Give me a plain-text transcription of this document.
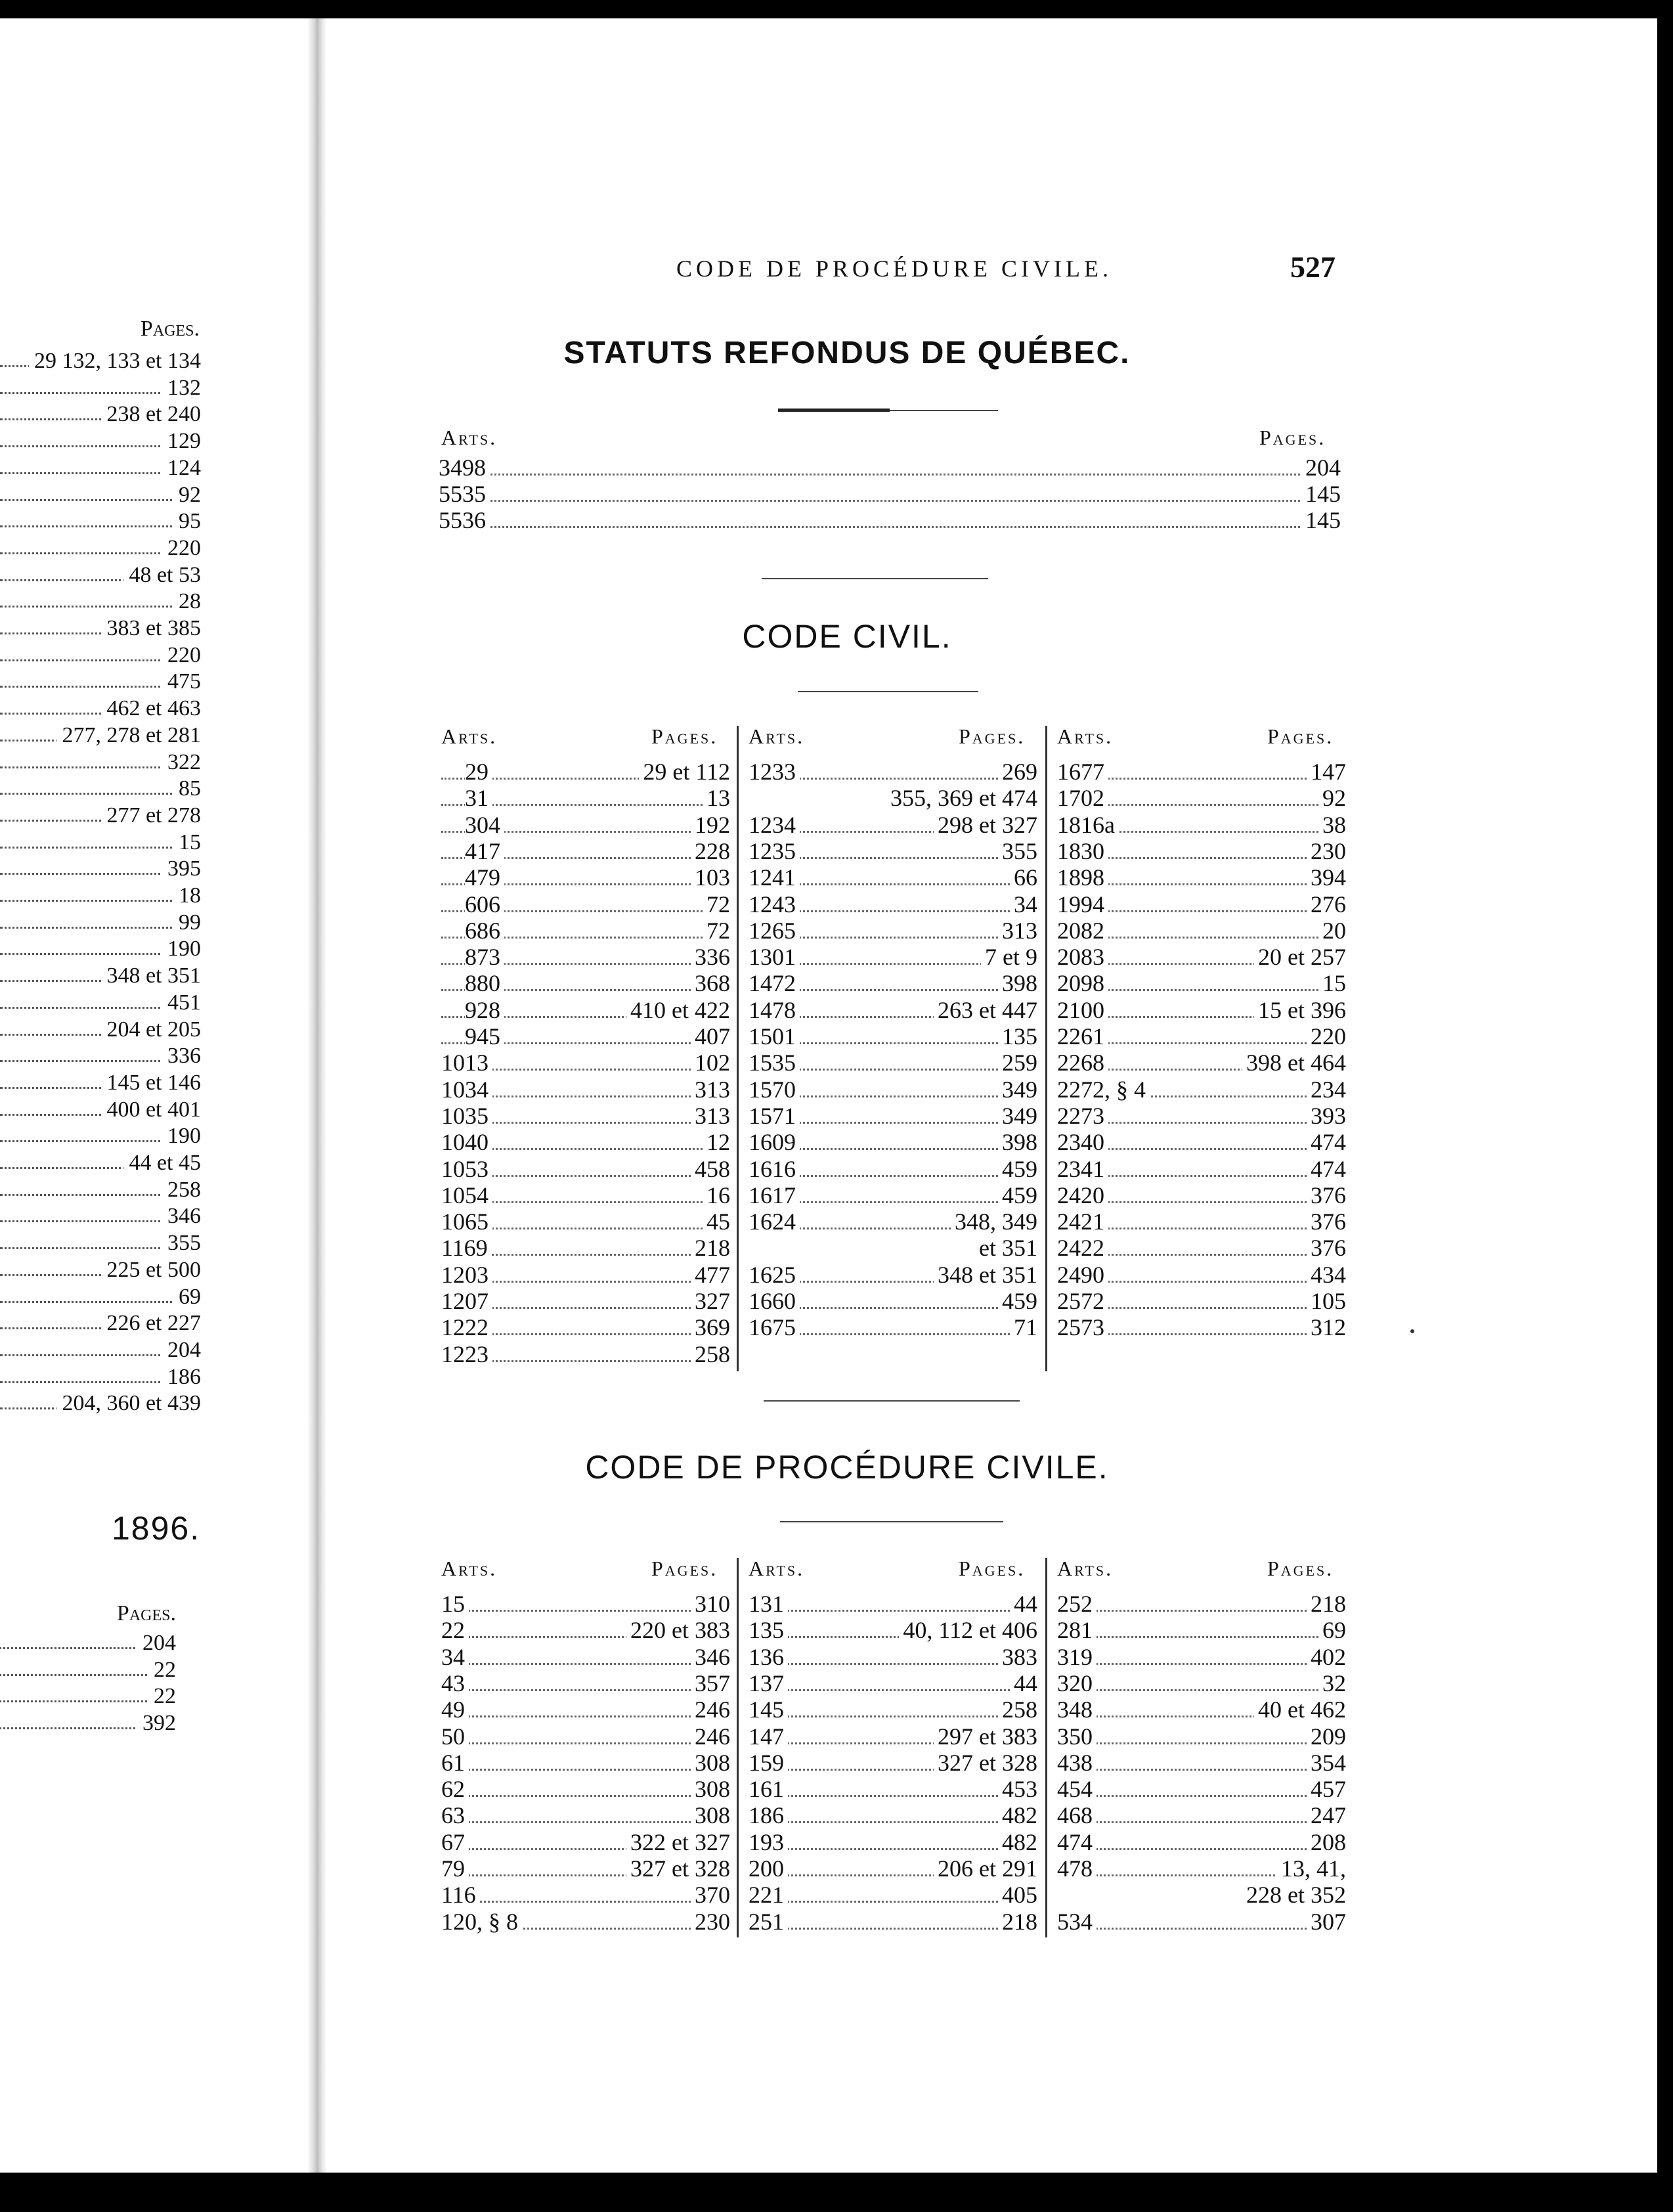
Pages.
29 132, 133 et 134
132
238 et 240
129
124
92
95
220
48 et 53
28
383 et 385
220
475
462 et 463
277, 278 et 281
322
85
277 et 278
15
395
18
99
190
348 et 351
451
204 et 205
336
145 et 146
400 et 401
190
44 et 45
258
346
355
225 et 500
69
226 et 227
204
186
204, 360 et 439
1896.
Pages.
204
22
22
392
CODE DE PROCÉDURE CIVILE.	527
STATUTS REFONDUS DE QUÉBEC.
Arts.	Pages.
3498	204
5535	145
5536	145
CODE CIVIL.
Arts.	Pages.
29	29 et 112
31	13
304	192
417	228
479	103
606	72
686	72
873	336
880	368
928	410 et 422
945	407
1013	102
1034	313
1035	313
1040	12
1053	458
1054	16
1065	45
1169	218
1203	477
1207	327
1222	369
1223	258
Arts.	Pages.
1233	269
355, 369 et 474
1234	298 et 327
1235	355
1241	66
1243	34
1265	313
1301	7 et 9
1472	398
1478	263 et 447
1501	135
1535	259
1570	349
1571	349
1609	398
1616	459
1617	459
1624	348, 349
et 351
1625	348 et 351
1660	459
1675	71
Arts.	Pages.
1677	147
1702	92
1816a	38
1830	230
1898	394
1994	276
2082	20
2083	20 et 257
2098	15
2100	15 et 396
2261	220
2268	398 et 464
2272, § 4	234
2273	393
2340	474
2341	474
2420	376
2421	376
2422	376
2490	434
2572	105
2573	312
CODE DE PROCÉDURE CIVILE.
Arts.	Pages.
15	310
22	220 et 383
34	346
43	357
49	246
50	246
61	308
62	308
63	308
67	322 et 327
79	327 et 328
116	370
120, § 8	230
Arts.	Pages.
131	44
135	40, 112 et 406
136	383
137	44
145	258
147	297 et 383
159	327 et 328
161	453
186	482
193	482
200	206 et 291
221	405
251	218
Arts.	Pages.
252	218
281	69
319	402
320	32
348	40 et 462
350	209
438	354
454	457
468	247
474	208
478	13, 41,
228 et 352
534	307
